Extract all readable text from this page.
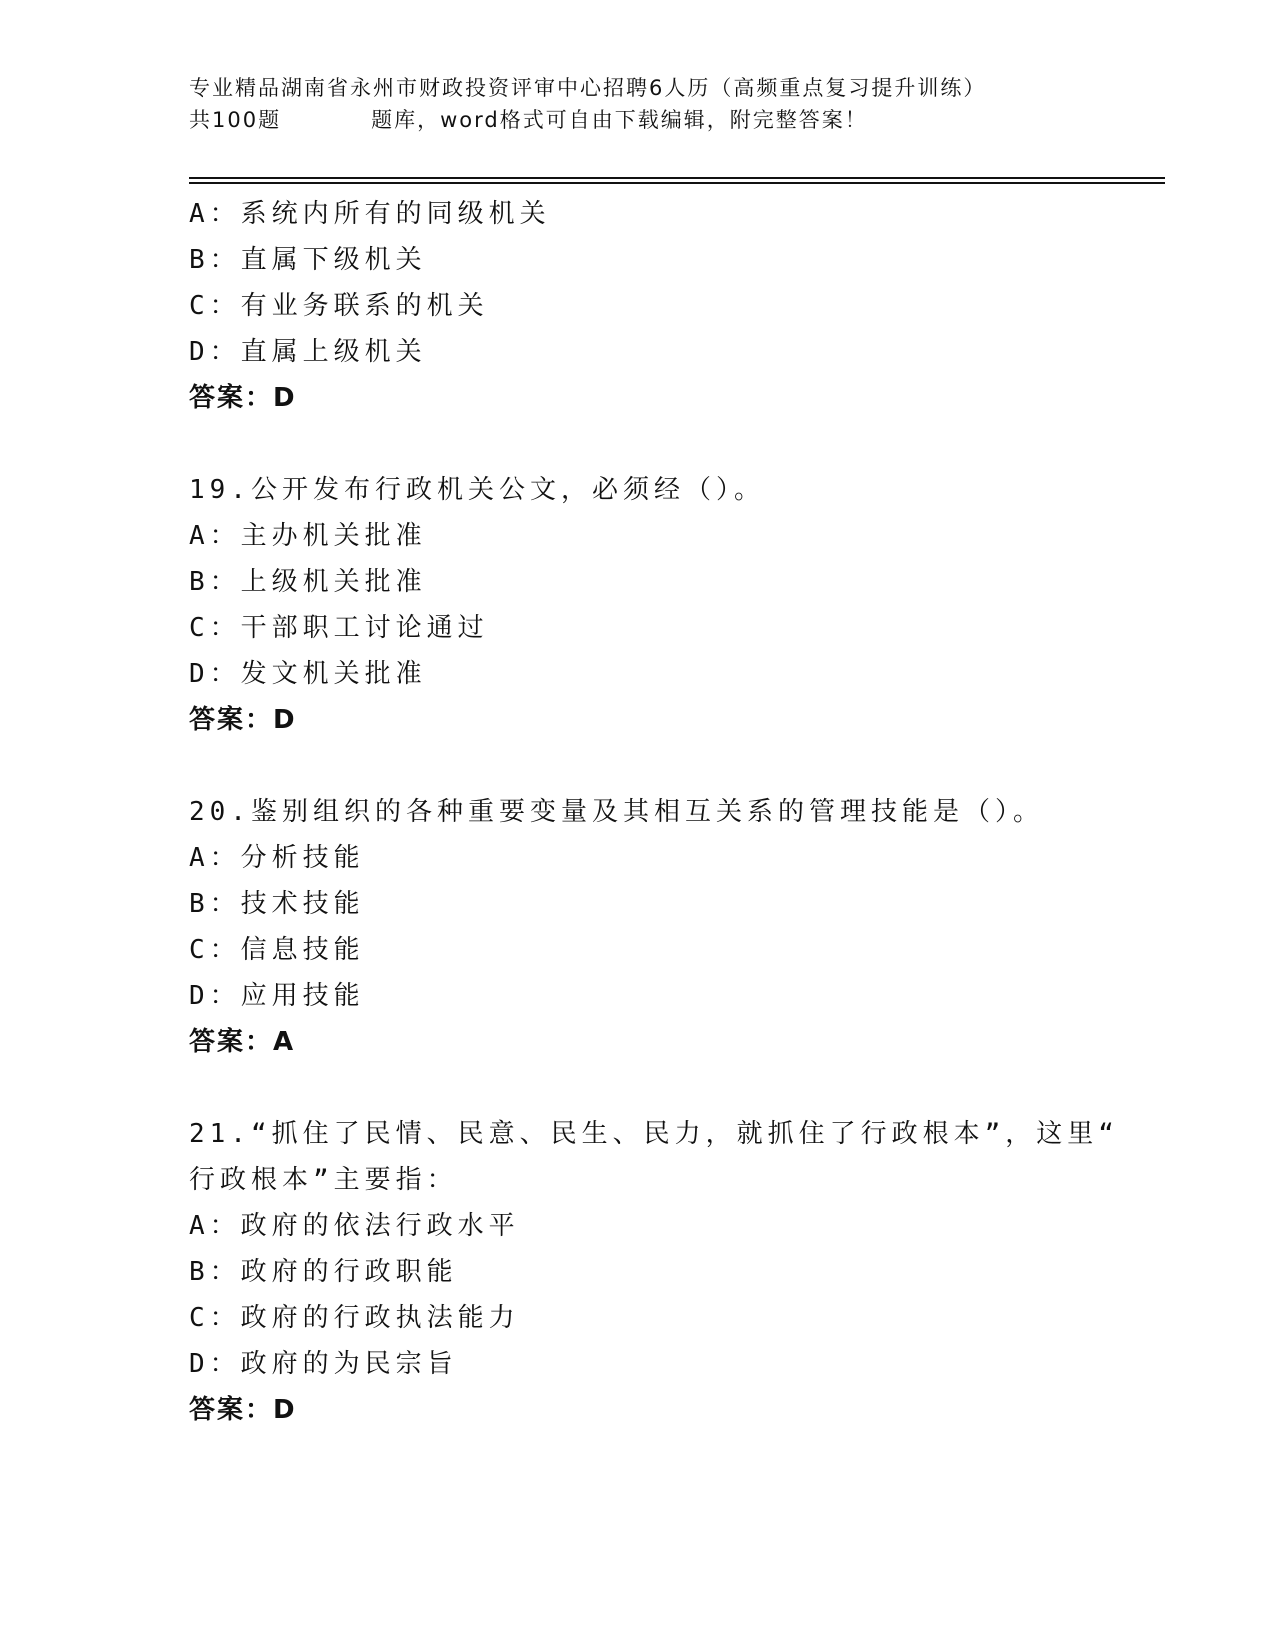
专业精品湖南省永州市财政投资评审中心招聘6人历（高频重点复习提升训练）
共100题	题库，word格式可自由下载编辑，附完整答案！
A：系统内所有的同级机关
B：直属下级机关
C：有业务联系的机关
D：直属上级机关
答案：D
19.公开发布行政机关公文，必须经（）。
A：主办机关批准
B：上级机关批准
C：干部职工讨论通过
D：发文机关批准
答案：D
20.鉴别组织的各种重要变量及其相互关系的管理技能是（）。
A：分析技能
B：技术技能
C：信息技能
D：应用技能
答案：A
21.“抓住了民情、民意、民生、民力，就抓住了行政根本”，这里“
行政根本”主要指：
A：政府的依法行政水平
B：政府的行政职能
C：政府的行政执法能力
D：政府的为民宗旨
答案：D
